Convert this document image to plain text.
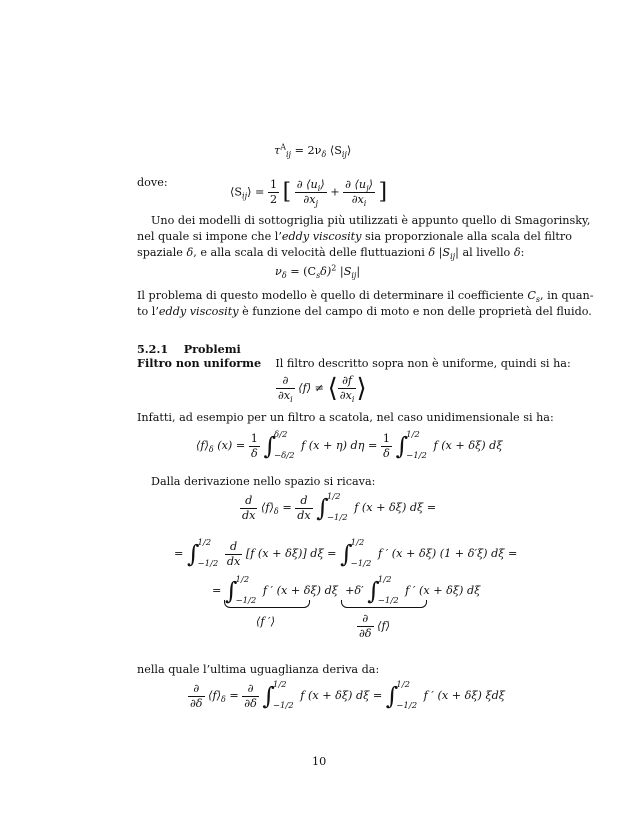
$\tau^A_{ij} = 2\nu_\delta$ $⟨S_{ij}⟩$
dove:
$⟨S_{ij}⟩ = \frac{1}{2}$ [ $\frac{\partial ⟨u_i⟩}{\partial x_j} + \frac{\partial ⟨u_j⟩}{\partial x_i}$ ]
Uno dei modelli di sottogriglia più utilizzati è appunto quello di Smagorinsky,
nel quale si impone che l’eddy viscosity sia proporzionale alla scala del filtro
spaziale δ, e alla scala di velocità delle fluttuazioni δ $|S_{ij}|$ al livello δ:
$\nu_\delta = (C_s\delta)^2$ $|S_{ij}|$
Il problema di questo modello è quello di determinare il coefficiente $C_s$, in quan-
to l’eddy viscosity è funzione del campo di moto e non delle proprietà del fluido.
5.2.1 Problemi
Filtro non uniforme Il filtro descritto sopra non è uniforme, quindi si ha:
$\frac{\partial}{\partial x_i}$ ⟨f⟩ ≠ ⟨ $\frac{\partial f}{\partial x_i}$ ⟩
Infatti, ad esempio per un filtro a scatola, nel caso unidimensionale si ha:
$⟨f⟩_\delta$ $(x) = \frac{1}{\delta}$ ∫
δ/2
−δ/2
f (x + η) $d\eta = \frac{1}{\delta}$ ∫
1/2
−1/2
f (x + δξ) dξ
Dalla derivazione nello spazio si ricava:
$\frac{d}{dx}$ $⟨f⟩_\delta = \frac{d}{dx}$ ∫
1/2
−1/2
f (x + δξ) dξ =
= ∫
1/2
−1/2
$\frac{d}{dx} [f$ (x + δξ)] dξ = ∫
1/2
−1/2
f ′ (x + δξ) (1 + δ′ξ) dξ =
= ∫
1/2
−1/2
f ′ (x + δξ) dξ +δ′ ∫
1/2
−1/2
f ′ (x + δξ) dξ
⟨f ′⟩	$\frac{\partial}{\partial\delta}$ ⟨f⟩
nella quale l’ultima uguaglianza deriva da:
$\frac{\partial}{\partial\delta}$ $⟨f⟩_\delta = \frac{\partial}{\partial\delta}$ ∫
1/2
−1/2
f (x + δξ) dξ = ∫
1/2
−1/2
f ′ (x + δξ) ξdξ
10
